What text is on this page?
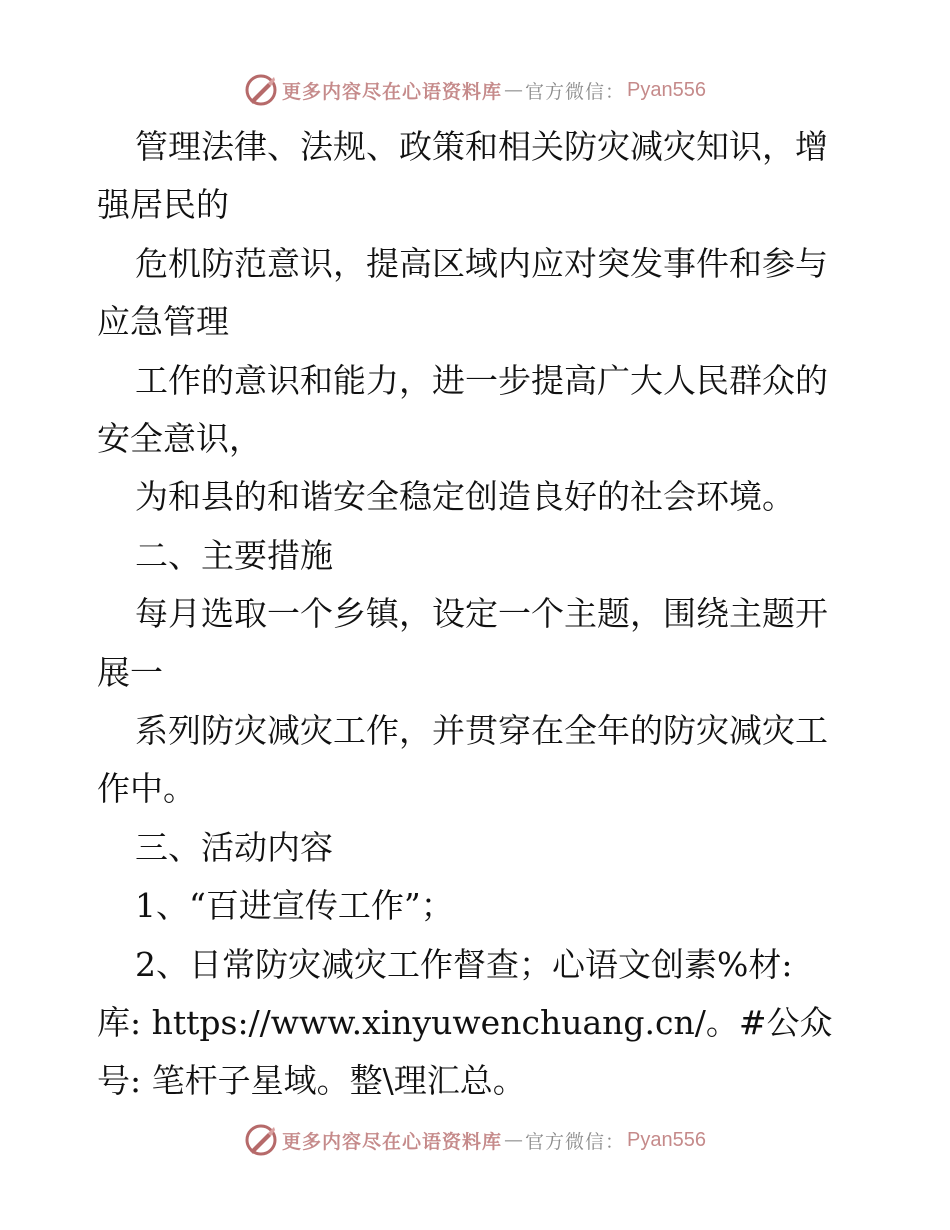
更多内容尽在心语资料库 — 官方微信： Pyan556
管理法律、法规、政策和相关防灾减灾知识，增
强居民的
危机防范意识，提高区域内应对突发事件和参与
应急管理
工作的意识和能力，进一步提高广大人民群众的
安全意识，
为和县的和谐安全稳定创造良好的社会环境。
二、主要措施
每月选取一个乡镇，设定一个主题，围绕主题开
展一
系列防灾减灾工作，并贯穿在全年的防灾减灾工
作中。
三、活动内容
1、“百进宣传工作”；
2、日常防灾减灾工作督查；心语文创素%材:
库: https://www.xinyuwenchuang.cn/。#公众
号: 笔杆子星域。整\理汇总。
更多内容尽在心语资料库 — 官方微信： Pyan556
